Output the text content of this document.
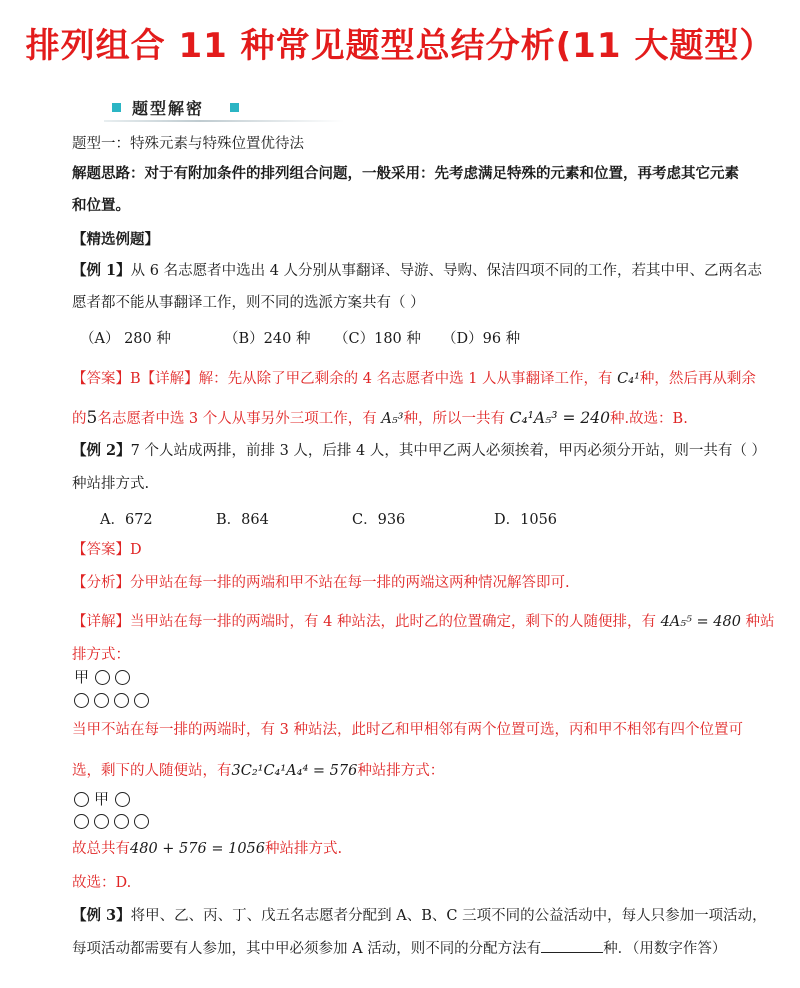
排列组合 11 种常见题型总结分析(11 大题型）
题型解密
题型一：特殊元素与特殊位置优待法
解题思路：对于有附加条件的排列组合问题，一般采用：先考虑满足特殊的元素和位置，再考虑其它元素
和位置。
【精选例题】
【例 1】从 6 名志愿者中选出 4 人分别从事翻译、导游、导购、保洁四项不同的工作，若其中甲、乙两名志
愿者都不能从事翻译工作，则不同的选派方案共有（ ）
（A） 280 种	（B）240 种 （C）180 种 （D）96 种
【答案】B【详解】解：先从除了甲乙剩余的 4 名志愿者中选 1 人从事翻译工作，有 C₄¹种，然后再从剩余
的5名志愿者中选 3 个人从事另外三项工作，有 A₅³种，所以一共有 C₄¹A₅³ = 240种.故选：B.
【例 2】7 个人站成两排，前排 3 人，后排 4 人，其中甲乙两人必须挨着，甲丙必须分开站，则一共有（ ）
种站排方式.
A．672	B．864	C．936	D．1056
【答案】D
【分析】分甲站在每一排的两端和甲不站在每一排的两端这两种情况解答即可.
【详解】当甲站在每一排的两端时，有 4 种站法，此时乙的位置确定，剩下的人随便排，有 4A₅⁵ = 480 种站
排方式：
甲
当甲不站在每一排的两端时，有 3 种站法，此时乙和甲相邻有两个位置可选，丙和甲不相邻有四个位置可
选，剩下的人随便站，有3C₂¹C₄¹A₄⁴ = 576种站排方式：
甲
故总共有480 + 576 = 1056种站排方式.
故选：D.
【例 3】将甲、乙、丙、丁、戊五名志愿者分配到 A、B、C 三项不同的公益活动中，每人只参加一项活动，
每项活动都需要有人参加，其中甲必须参加 A 活动，则不同的分配方法有	种．（用数字作答）
